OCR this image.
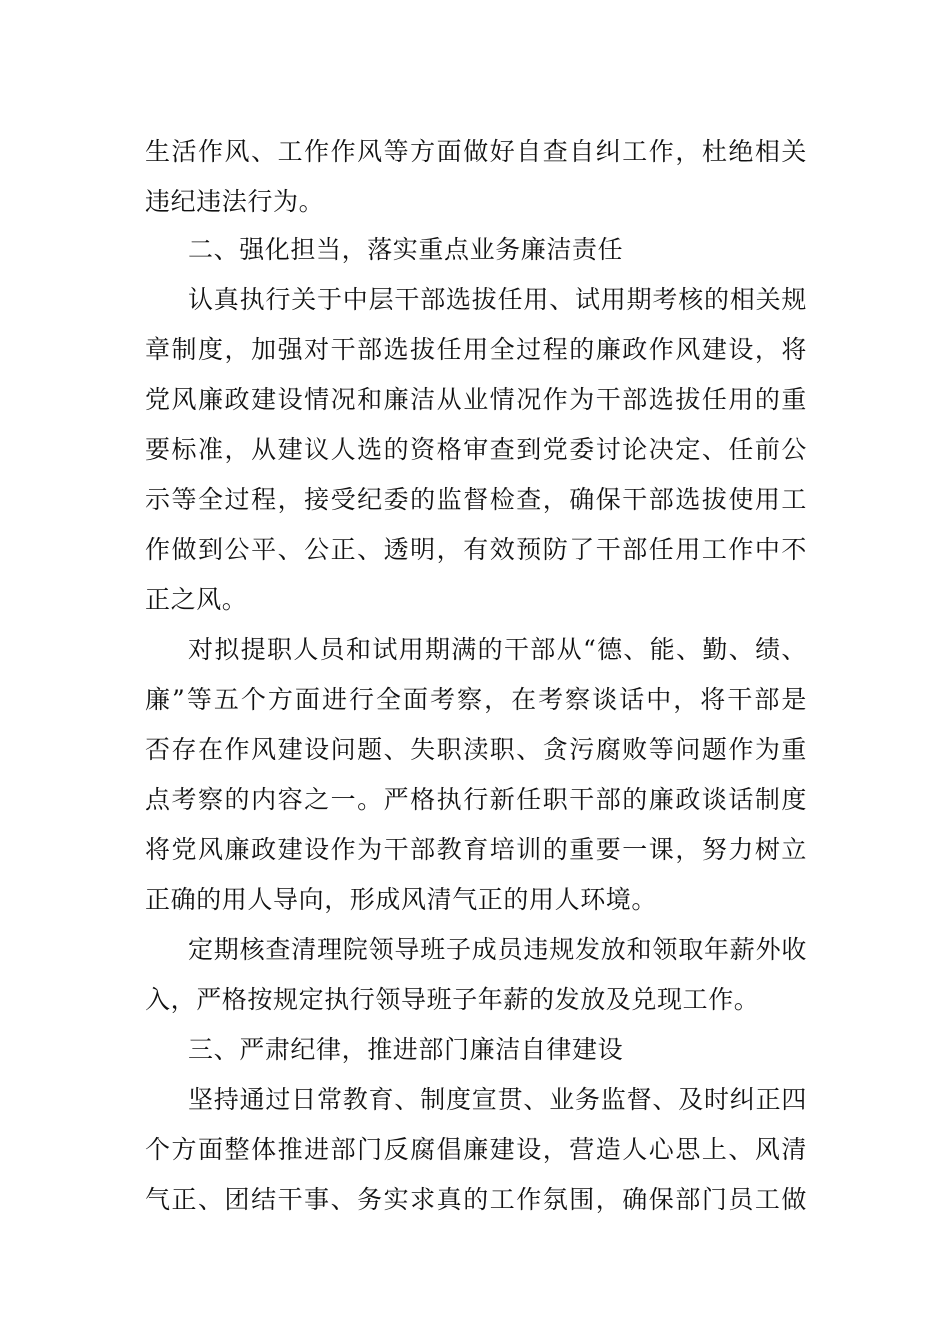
生活作风、工作作风等方面做好自查自纠工作，杜绝相关

违纪违法行为。

二、强化担当，落实重点业务廉洁责任

认真执行关于中层干部选拔任用、试用期考核的相关规

章制度，加强对干部选拔任用全过程的廉政作风建设，将

党风廉政建设情况和廉洁从业情况作为干部选拔任用的重

要标准，从建议人选的资格审查到党委讨论决定、任前公

示等全过程，接受纪委的监督检查，确保干部选拔使用工

作做到公平、公正、透明，有效预防了干部任用工作中不

正之风。

对拟提职人员和试用期满的干部从“德、能、勤、绩、

廉”等五个方面进行全面考察，在考察谈话中，将干部是

否存在作风建设问题、失职渎职、贪污腐败等问题作为重

点考察的内容之一。严格执行新任职干部的廉政谈话制度

将党风廉政建设作为干部教育培训的重要一课，努力树立

正确的用人导向，形成风清气正的用人环境。

定期核查清理院领导班子成员违规发放和领取年薪外收

入，严格按规定执行领导班子年薪的发放及兑现工作。

三、严肃纪律，推进部门廉洁自律建设

坚持通过日常教育、制度宣贯、业务监督、及时纠正四

个方面整体推进部门反腐倡廉建设，营造人心思上、风清

气正、团结干事、务实求真的工作氛围，确保部门员工做
